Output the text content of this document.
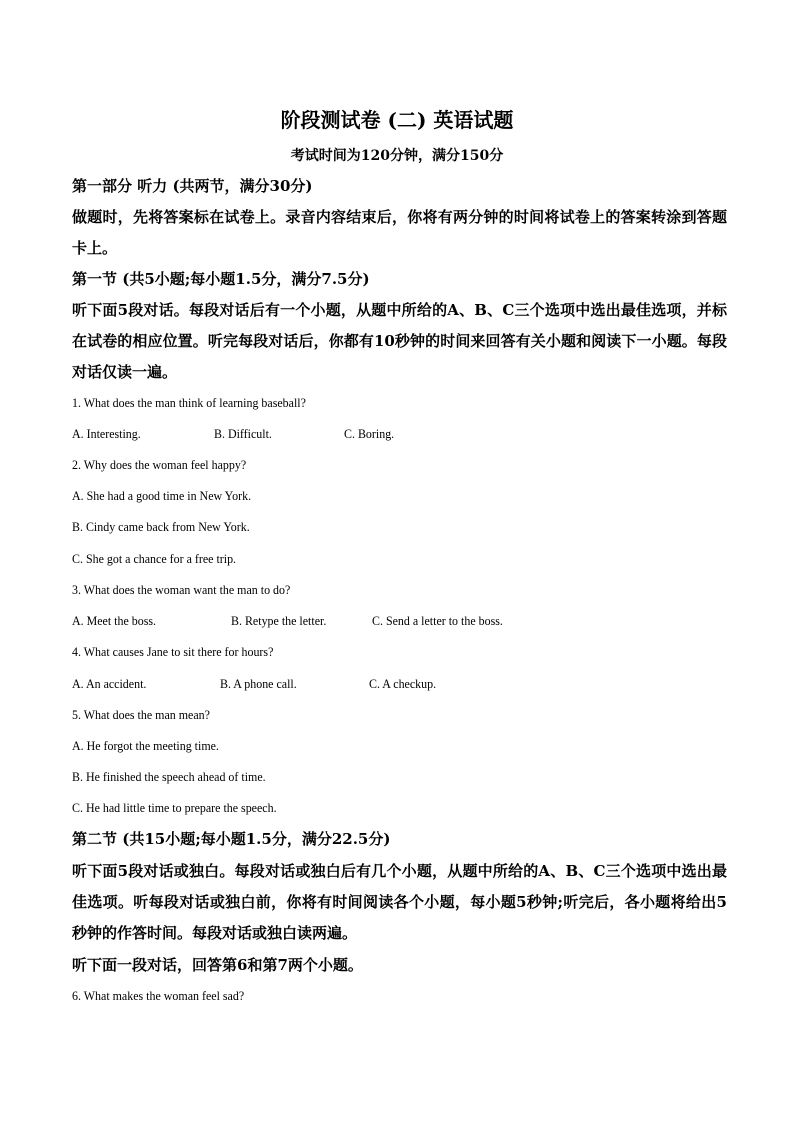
阶段测试卷 (二) 英语试题
考试时间为120分钟，满分150分
第一部分 听力 (共两节，满分30分)
做题时，先将答案标在试卷上。录音内容结束后，你将有两分钟的时间将试卷上的答案转涂到答题卡上。
第一节 (共5小题;每小题1.5分，满分7.5分)
听下面5段对话。每段对话后有一个小题，从题中所给的A、B、C三个选项中选出最佳选项，并标在试卷的相应位置。听完每段对话后，你都有10秒钟的时间来回答有关小题和阅读下一小题。每段对话仅读一遍。
1. What does the man think of learning baseball?
A. Interesting.	B. Difficult.	C. Boring.
2. Why does the woman feel happy?
A. She had a good time in New York.
B. Cindy came back from New York.
C. She got a chance for a free trip.
3. What does the woman want the man to do?
A. Meet the boss.	B. Retype the letter.	C. Send a letter to the boss.
4. What causes Jane to sit there for hours?
A. An accident.	B. A phone call.	C. A checkup.
5. What does the man mean?
A. He forgot the meeting time.
B. He finished the speech ahead of time.
C. He had little time to prepare the speech.
第二节 (共15小题;每小题1.5分，满分22.5分)
听下面5段对话或独白。每段对话或独白后有几个小题，从题中所给的A、B、C三个选项中选出最佳选项。听每段对话或独白前，你将有时间阅读各个小题，每小题5秒钟;听完后，各小题将给出5秒钟的作答时间。每段对话或独白读两遍。
听下面一段对话，回答第6和第7两个小题。
6. What makes the woman feel sad?
